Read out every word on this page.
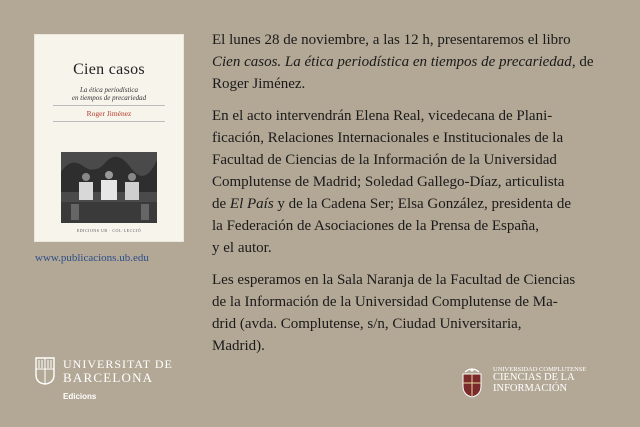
Cien casos
La ética periodística
en tiempos de precariedad
Roger Jiménez
EDICIONS UB · COL·LECCIÓ
www.publicacions.ub.edu
UNIVERSITAT DE
BARCELONA
Edicions
UNIVERSIDAD COMPLUTENSE
CIENCIAS DE LA
INFORMACIÓN

El lunes 28 de noviembre, a las 12 h, presentaremos el libro
Cien casos. La ética periodística en tiempos de precariedad, de
Roger Jiménez.

En el acto intervendrán Elena Real, vicedecana de Plani-
ficación, Relaciones Internacionales e Institucionales de la
Facultad de Ciencias de la Información de la Universidad
Complutense de Madrid; Soledad Gallego-Díaz, articulista
de El País y de la Cadena Ser; Elsa González, presidenta de
la Federación de Asociaciones de la Prensa de España,
y el autor.

Les esperamos en la Sala Naranja de la Facultad de Ciencias
de la Información de la Universidad Complutense de Ma-
drid (avda. Complutense, s/n, Ciudad Universitaria,
Madrid).
